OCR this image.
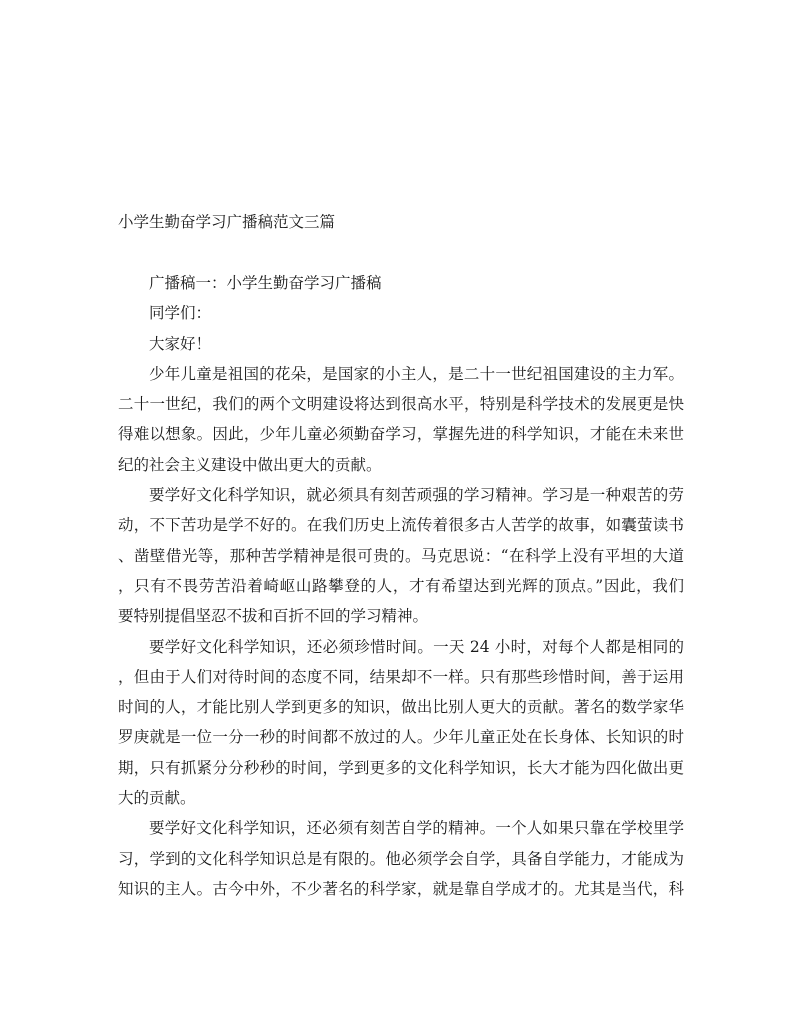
小学生勤奋学习广播稿范文三篇
广播稿一：小学生勤奋学习广播稿
同学们：
大家好！
少年儿童是祖国的花朵，是国家的小主人，是二十一世纪祖国建设的主力军。
二十一世纪，我们的两个文明建设将达到很高水平，特别是科学技术的发展更是快
得难以想象。因此，少年儿童必须勤奋学习，掌握先进的科学知识，才能在未来世
纪的社会主义建设中做出更大的贡献。
要学好文化科学知识，就必须具有刻苦顽强的学习精神。学习是一种艰苦的劳
动，不下苦功是学不好的。在我们历史上流传着很多古人苦学的故事，如囊萤读书
、凿壁借光等，那种苦学精神是很可贵的。马克思说：“在科学上没有平坦的大道
，只有不畏劳苦沿着崎岖山路攀登的人，才有希望达到光辉的顶点。”因此，我们
要特别提倡坚忍不拔和百折不回的学习精神。
要学好文化科学知识，还必须珍惜时间。一天 24 小时，对每个人都是相同的
，但由于人们对待时间的态度不同，结果却不一样。只有那些珍惜时间，善于运用
时间的人，才能比别人学到更多的知识，做出比别人更大的贡献。著名的数学家华
罗庚就是一位一分一秒的时间都不放过的人。少年儿童正处在长身体、长知识的时
期，只有抓紧分分秒秒的时间，学到更多的文化科学知识，长大才能为四化做出更
大的贡献。
要学好文化科学知识，还必须有刻苦自学的精神。一个人如果只靠在学校里学
习，学到的文化科学知识总是有限的。他必须学会自学，具备自学能力，才能成为
知识的主人。古今中外，不少著名的科学家，就是靠自学成才的。尤其是当代，科
